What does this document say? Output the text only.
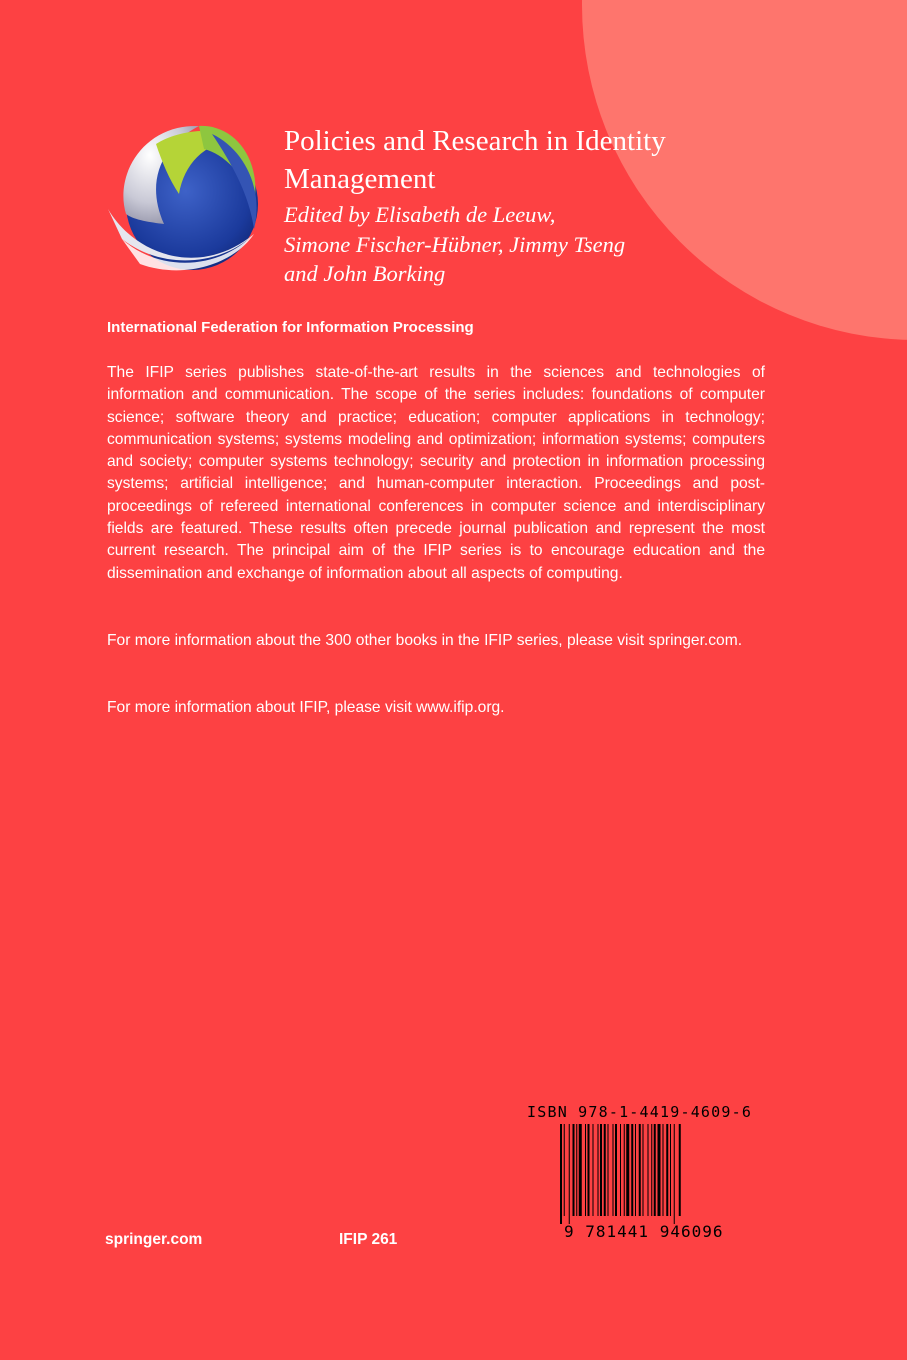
Policies and Research in Identity Management
Edited by Elisabeth de Leeuw,
Simone Fischer-Hübner, Jimmy Tseng
and John Borking
International Federation for Information Processing

The IFIP series publishes state-of-the-art results in the sciences and technologies of information and communication. The scope of the series includes: foundations of computer science; software theory and practice; education; computer applications in technology; communication systems; systems modeling and optimization; information systems; computers and society; computer systems technology; security and protection in information processing systems; artificial intelligence; and human-computer interaction. Proceedings and post-proceedings of refereed international conferences in computer science and interdisciplinary fields are featured. These results often precede journal publication and represent the most current research. The principal aim of the IFIP series is to encourage education and the dissemination and exchange of information about all aspects of computing.

For more information about the 300 other books in the IFIP series, please visit springer.com.

For more information about IFIP, please visit www.ifip.org.

ISBN 978-1-4419-4609-6
9 781441 946096
springer.com	IFIP 261
